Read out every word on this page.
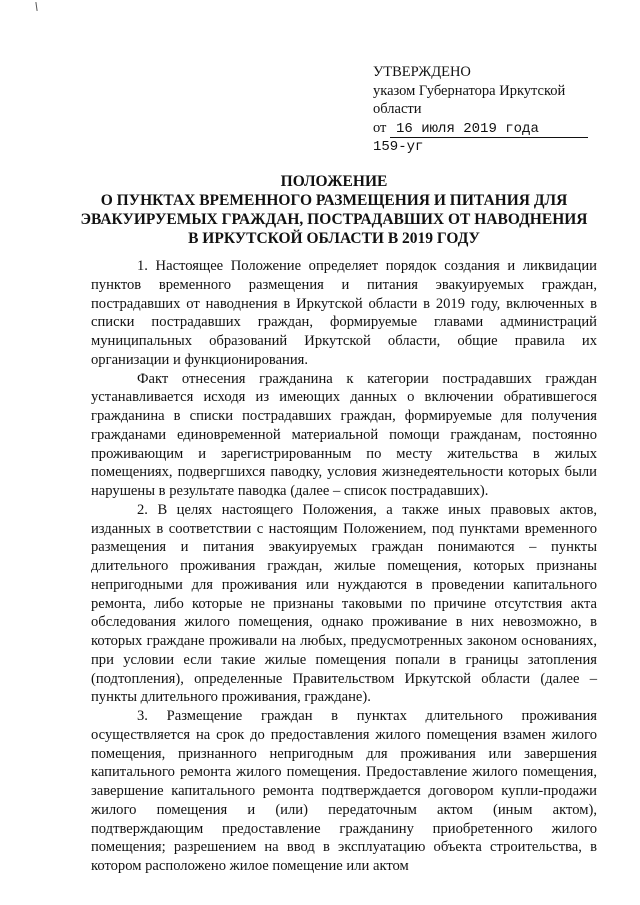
УТВЕРЖДЕНО
указом Губернатора Иркутской
области
от 16 июля 2019 года
159-уг
ПОЛОЖЕНИЕ
О ПУНКТАХ ВРЕМЕННОГО РАЗМЕЩЕНИЯ И ПИТАНИЯ ДЛЯ
ЭВАКУИРУЕМЫХ ГРАЖДАН, ПОСТРАДАВШИХ ОТ НАВОДНЕНИЯ
В ИРКУТСКОЙ ОБЛАСТИ В 2019 ГОДУ

1. Настоящее Положение определяет порядок создания и ликвидации пунктов временного размещения и питания эвакуируемых граждан, пострадавших от наводнения в Иркутской области в 2019 году, включенных в списки пострадавших граждан, формируемые главами администраций муниципальных образований Иркутской области, общие правила их организации и функционирования.

Факт отнесения гражданина к категории пострадавших граждан устанавливается исходя из имеющих данных о включении обратившегося гражданина в списки пострадавших граждан, формируемые для получения гражданами единовременной материальной помощи гражданам, постоянно проживающим и зарегистрированным по месту жительства в жилых помещениях, подвергшихся паводку, условия жизнедеятельности которых были нарушены в результате паводка (далее – список пострадавших).

2. В целях настоящего Положения, а также иных правовых актов, изданных в соответствии с настоящим Положением, под пунктами временного размещения и питания эвакуируемых граждан понимаются – пункты длительного проживания граждан, жилые помещения, которых признаны непригодными для проживания или нуждаются в проведении капитального ремонта, либо которые не признаны таковыми по причине отсутствия акта обследования жилого помещения, однако проживание в них невозможно, в которых граждане проживали на любых, предусмотренных законом основаниях, при условии если такие жилые помещения попали в границы затопления (подтопления), определенные Правительством Иркутской области (далее – пункты длительного проживания, граждане).

3. Размещение граждан в пунктах длительного проживания осуществляется на срок до предоставления жилого помещения взамен жилого помещения, признанного непригодным для проживания или завершения капитального ремонта жилого помещения. Предоставление жилого помещения, завершение капитального ремонта подтверждается договором купли-продажи жилого помещения и (или) передаточным актом (иным актом), подтверждающим предоставление гражданину приобретенного жилого помещения; разрешением на ввод в эксплуатацию объекта строительства, в котором расположено жилое помещение или актом
